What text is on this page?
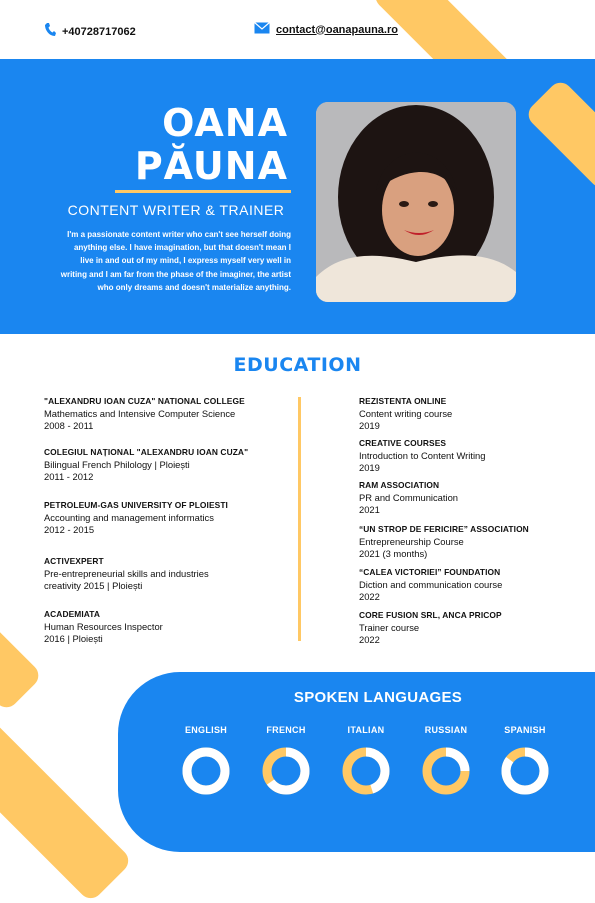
+40728717062	contact@oanapauna.ro
OANA
PĂUNA
CONTENT WRITER & TRAINER
I'm a passionate content writer who can't see herself doing anything else. I have imagination, but that doesn't mean I live in and out of my mind, I express myself very well in writing and I am far from the phase of the imaginer, the artist who only dreams and doesn't materialize anything.
EDUCATION
"ALEXANDRU IOAN CUZA" NATIONAL COLLEGE
Mathematics and Intensive Computer Science
2008 - 2011
COLEGIUL NAȚIONAL "ALEXANDRU IOAN CUZA"
Bilingual French Philology | Ploiești
2011 - 2012
PETROLEUM-GAS UNIVERSITY OF PLOIESTI
Accounting and management informatics
2012 - 2015
ACTIVEXPERT
Pre-entrepreneurial skills and industries
creativity 2015 | Ploiești
ACADEMIATA
Human Resources Inspector
2016 | Ploiești
REZISTENTA ONLINE
Content writing course
2019
CREATIVE COURSES
Introduction to Content Writing
2019
RAM ASSOCIATION
PR and Communication
2021
“UN STROP DE FERICIRE” ASSOCIATION
Entrepreneurship Course
2021 (3 months)
“CALEA VICTORIEI” FOUNDATION
Diction and communication course
2022
CORE FUSION SRL, ANCA PRICOP
Trainer course
2022
SPOKEN LANGUAGES
ENGLISH	FRENCH	ITALIAN	RUSSIAN	SPANISH
